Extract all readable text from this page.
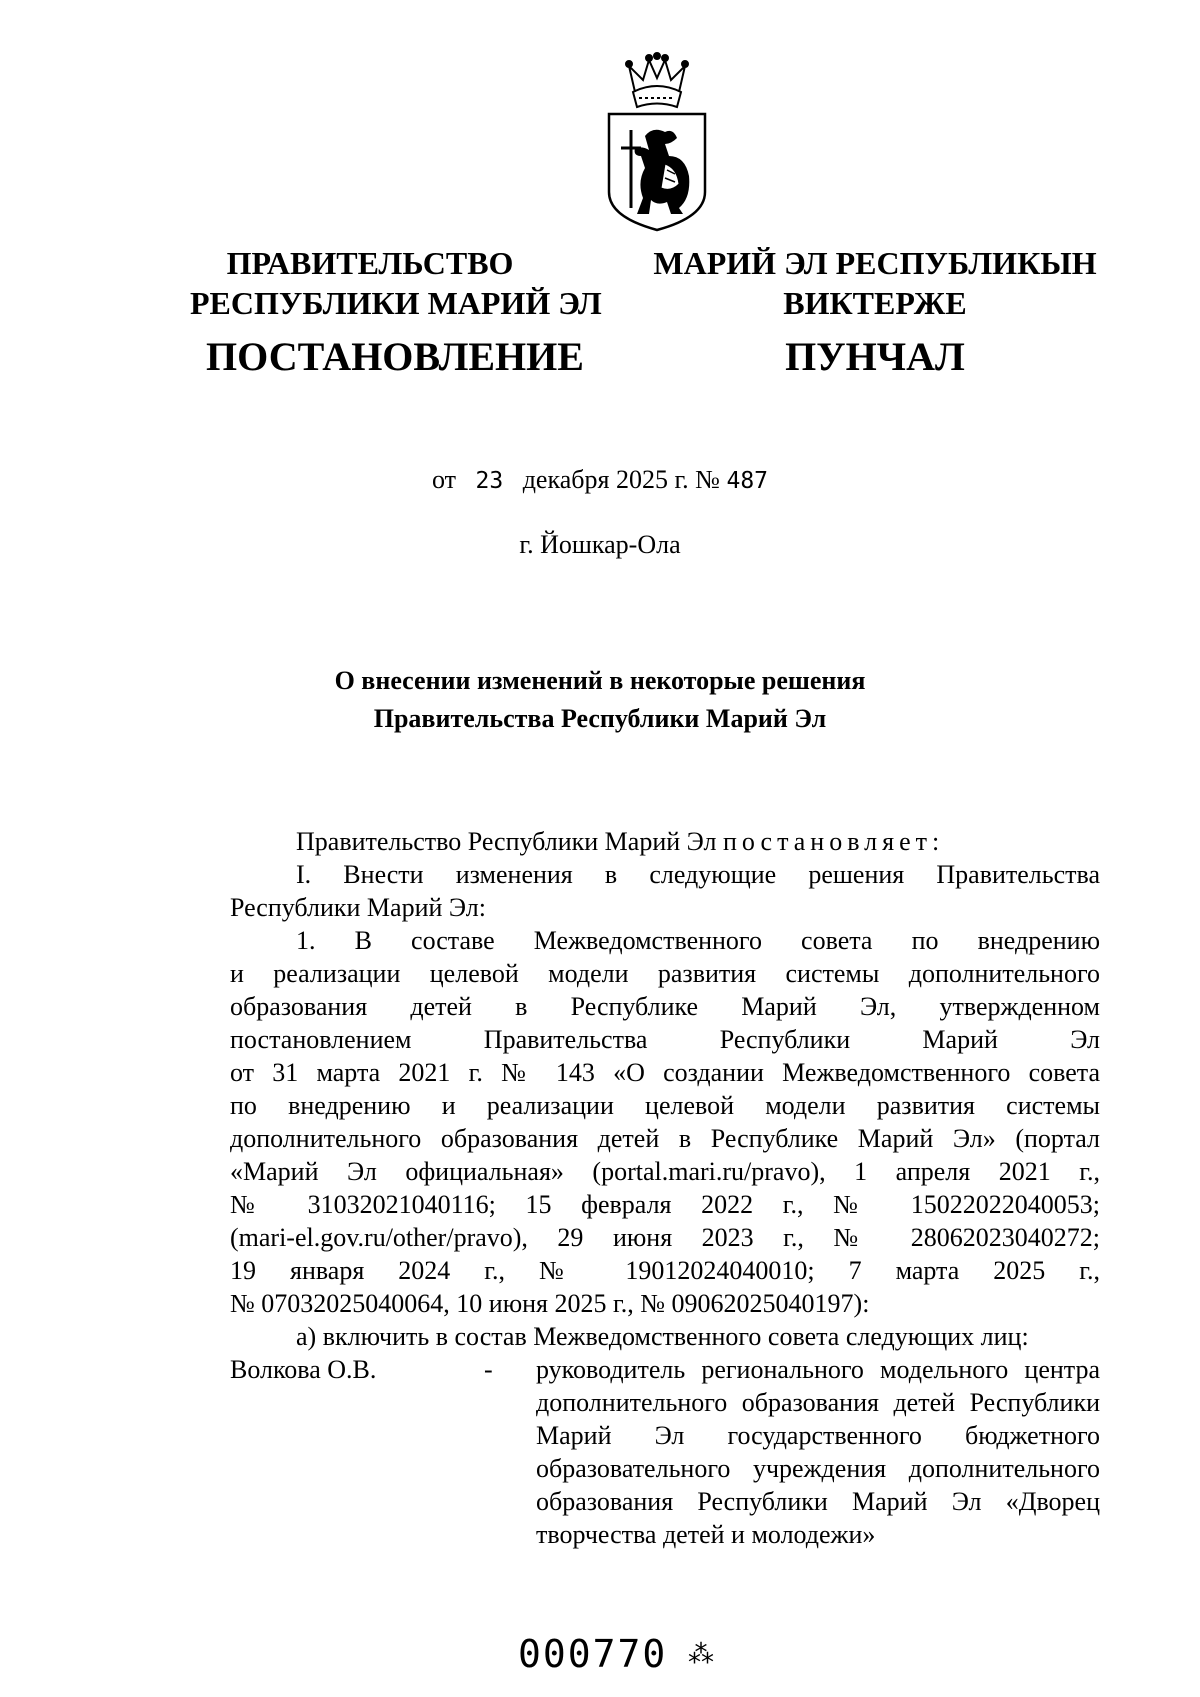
ПРАВИТЕЛЬСТВО
РЕСПУБЛИКИ МАРИЙ ЭЛ
МАРИЙ ЭЛ РЕСПУБЛИКЫН
ВИКТЕРЖЕ
ПОСТАНОВЛЕНИЕ	ПУНЧАЛ
от 23 декабря 2025 г. № 487
г. Йошкар-Ола
О внесении изменений в некоторые решения
Правительства Республики Марий Эл

Правительство Республики Марий Эл постановляет:

I. Внести изменения в следующие решения Правительства

Республики Марий Эл:

1. В составе Межведомственного совета по внедрению

и реализации целевой модели развития системы дополнительного

образования детей в Республике Марий Эл, утвержденном

постановлением Правительства Республики Марий Эл

от 31 марта 2021 г. № 143 «О создании Межведомственного совета

по внедрению и реализации целевой модели развития системы

дополнительного образования детей в Республике Марий Эл» (портал

«Марий Эл официальная» (portal.mari.ru/pravo), 1 апреля 2021 г.,

№ 31032021040116; 15 февраля 2022 г., № 15022022040053;

(mari-el.gov.ru/other/pravo), 29 июня 2023 г., № 28062023040272;

19 января 2024 г., № 19012024040010; 7 марта 2025 г.,

№ 07032025040064, 10 июня 2025 г., № 09062025040197):

а) включить в состав Межведомственного совета следующих лиц:

Волкова О.В.	-	руководитель регионального модельного центра дополнительного образования детей Республики Марий Эл государственного бюджетного образовательного учреждения дополнительного образования Республики Марий Эл «Дворец творчества детей и молодежи»
000770 ⁂
